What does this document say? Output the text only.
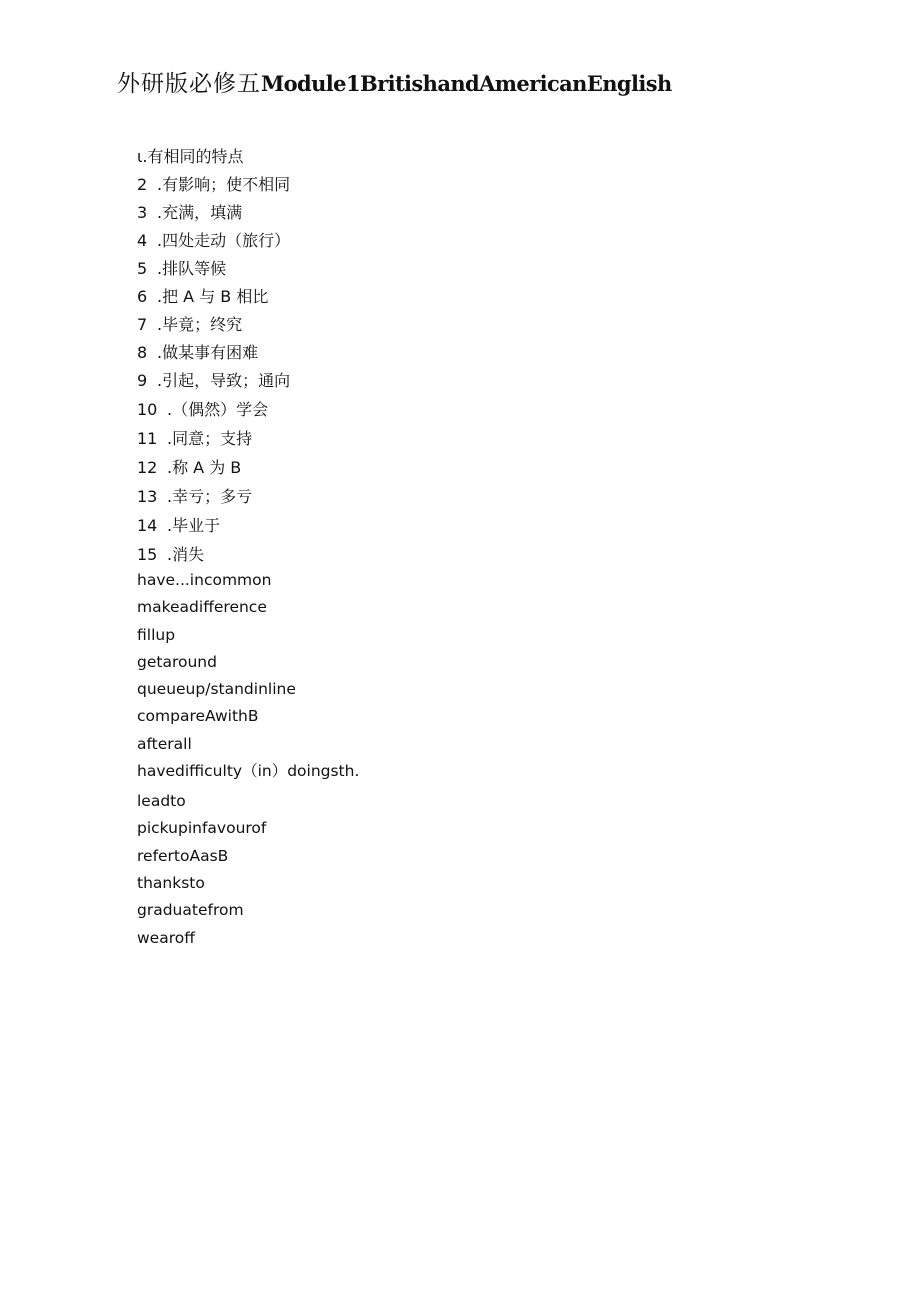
外研版必修五Module1BritishandAmericanEnglish
ι.有相同的特点
2 .有影响；使不相同
3 .充满，填满
4 .四处走动（旅行）
5 .排队等候
6 .把 A 与 B 相比
7 .毕竟；终究
8 .做某事有困难
9 .引起，导致；通向
10 .（偶然）学会
11 .同意；支持
12 .称 A 为 B
13 .幸亏；多亏
14 .毕业于
15 .消失
have...incommon
makeadifference
fillup
getaround
queueup/standinline
compareAwithB
afterall
havedifficulty（in）doingsth.
leadto
pickupinfavourof
refertoAasB
thanksto
graduatefrom
wearoff
